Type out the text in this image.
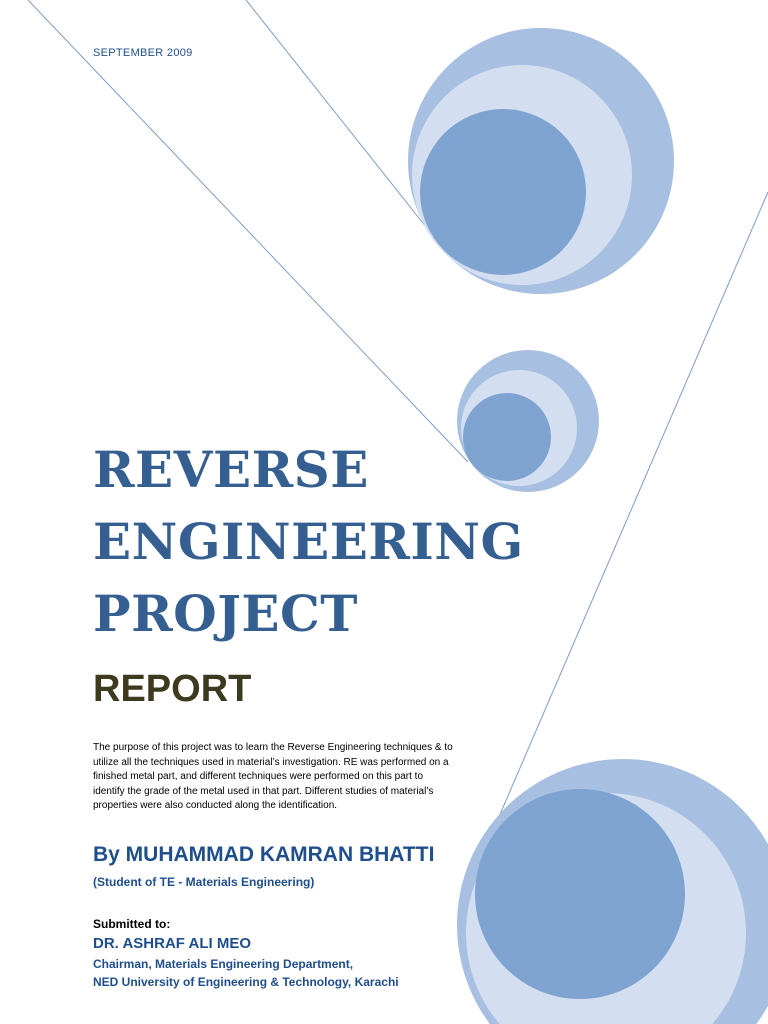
SEPTEMBER 2009
REVERSE
ENGINEERING
PROJECT
REPORT
The purpose of this project was to learn the Reverse Engineering techniques & to
utilize all the techniques used in material’s investigation. RE was performed on a
finished metal part, and different techniques were performed on this part to
identify the grade of the metal used in that part. Different studies of material’s
properties were also conducted along the identification.
By MUHAMMAD KAMRAN BHATTI
(Student of TE - Materials Engineering)
Submitted to:
DR. ASHRAF ALI MEO
Chairman, Materials Engineering Department,
NED University of Engineering & Technology, Karachi
